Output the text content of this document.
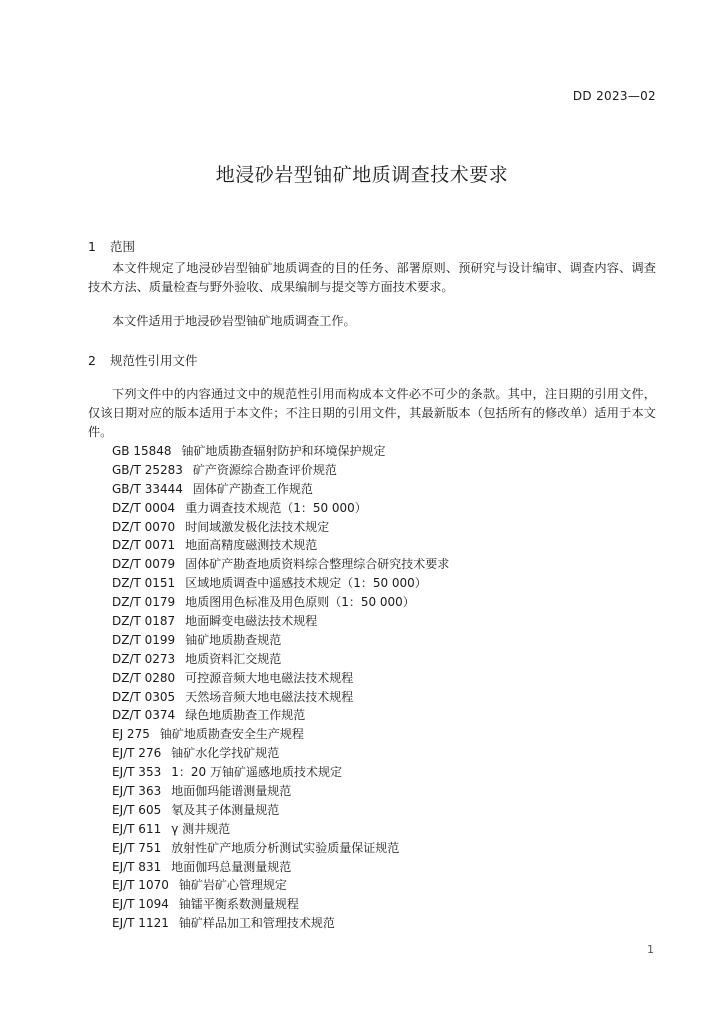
DD 2023—02
地浸砂岩型铀矿地质调查技术要求
1 范围

本文件规定了地浸砂岩型铀矿地质调查的目的任务、部署原则、预研究与设计编审、调查内容、调查技术方法、质量检查与野外验收、成果编制与提交等方面技术要求。

本文件适用于地浸砂岩型铀矿地质调查工作。

2 规范性引用文件

下列文件中的内容通过文中的规范性引用而构成本文件必不可少的条款。其中，注日期的引用文件，仅该日期对应的版本适用于本文件；不注日期的引用文件，其最新版本（包括所有的修改单）适用于本文件。

GB 15848 铀矿地质勘查辐射防护和环境保护规定
GB/T 25283 矿产资源综合勘查评价规范
GB/T 33444 固体矿产勘查工作规范
DZ/T 0004 重力调查技术规范（1：50 000）
DZ/T 0070 时间域激发极化法技术规定
DZ/T 0071 地面高精度磁测技术规范
DZ/T 0079 固体矿产勘查地质资料综合整理综合研究技术要求
DZ/T 0151 区域地质调查中遥感技术规定（1：50 000）
DZ/T 0179 地质图用色标准及用色原则（1：50 000）
DZ/T 0187 地面瞬变电磁法技术规程
DZ/T 0199 铀矿地质勘查规范
DZ/T 0273 地质资料汇交规范
DZ/T 0280 可控源音频大地电磁法技术规程
DZ/T 0305 天然场音频大地电磁法技术规程
DZ/T 0374 绿色地质勘查工作规范
EJ 275 铀矿地质勘查安全生产规程
EJ/T 276 铀矿水化学找矿规范
EJ/T 353 1：20 万铀矿遥感地质技术规定
EJ/T 363 地面伽玛能谱测量规范
EJ/T 605 氡及其子体测量规范
EJ/T 611 γ 测井规范
EJ/T 751 放射性矿产地质分析测试实验质量保证规范
EJ/T 831 地面伽玛总量测量规范
EJ/T 1070 铀矿岩矿心管理规定
EJ/T 1094 铀镭平衡系数测量规程
EJ/T 1121 铀矿样品加工和管理技术规范
1
